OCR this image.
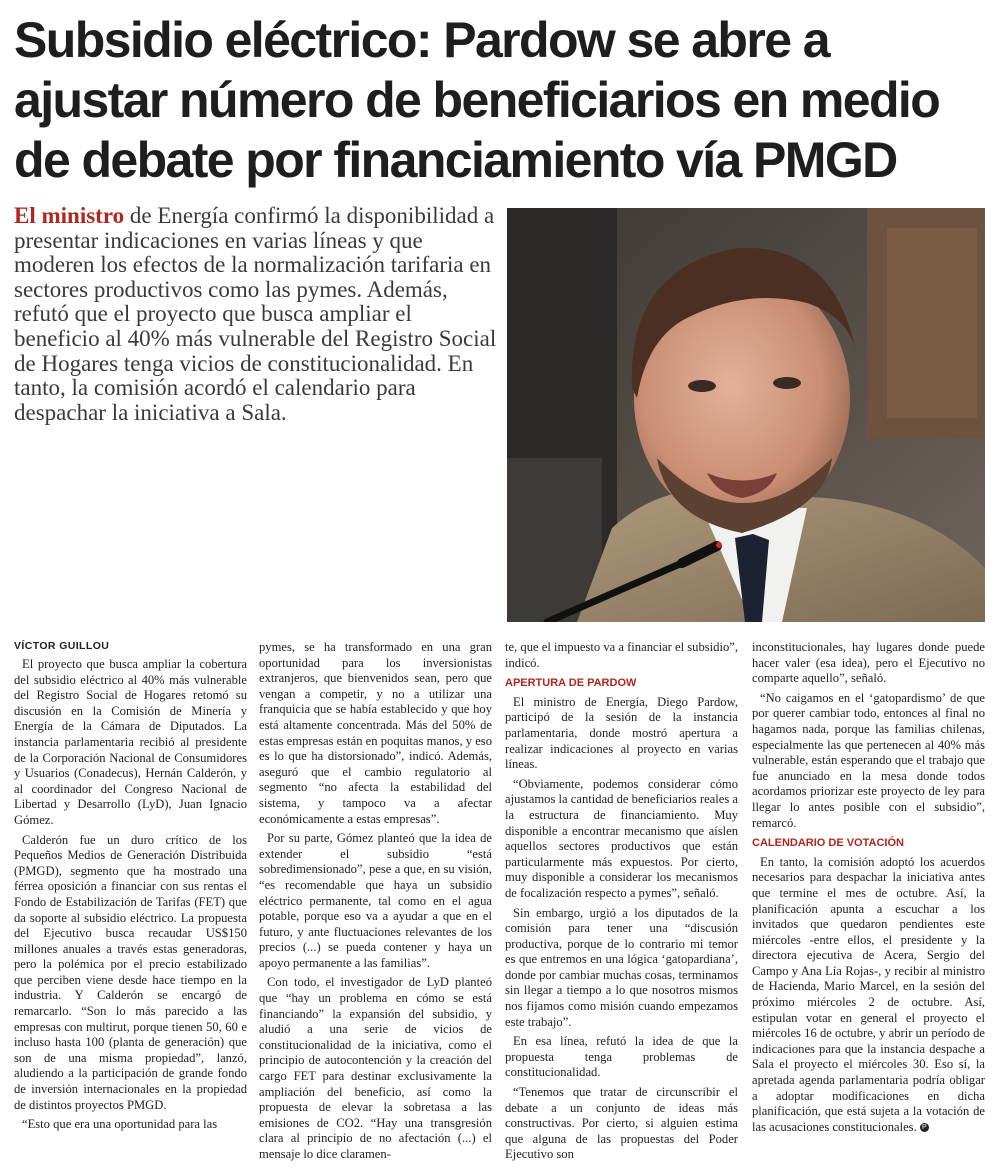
Subsidio eléctrico: Pardow se abre a ajustar número de beneficiarios en medio de debate por financiamiento vía PMGD
El ministro de Energía confirmó la disponibilidad a presentar indicaciones en varias líneas y que moderen los efectos de la normalización tarifaria en sectores productivos como las pymes. Además, refutó que el proyecto que busca ampliar el beneficio al 40% más vulnerable del Registro Social de Hogares tenga vicios de constitucionalidad. En tanto, la comisión acordó el calendario para despachar la iniciativa a Sala.
VÍCTOR GUILLOU

El proyecto que busca ampliar la cobertura del subsidio eléctrico al 40% más vulnerable del Registro Social de Hogares retomó su discusión en la Comisión de Minería y Energía de la Cámara de Diputados. La instancia parlamentaria recibió al presidente de la Corporación Nacional de Consumidores y Usuarios (Conadecus), Hernán Calderón, y al coordinador del Congreso Nacional de Libertad y Desarrollo (LyD), Juan Ignacio Gómez.

Calderón fue un duro crítico de los Pequeños Medios de Generación Distribuida (PMGD), segmento que ha mostrado una férrea oposición a financiar con sus rentas el Fondo de Estabilización de Tarifas (FET) que da soporte al subsidio eléctrico. La propuesta del Ejecutivo busca recaudar US$150 millones anuales a través estas generadoras, pero la polémica por el precio estabilizado que perciben viene desde hace tiempo en la industria. Y Calderón se encargó de remarcarlo. “Son lo más parecido a las empresas con multirut, porque tienen 50, 60 e incluso hasta 100 (planta de generación) que son de una misma propiedad”, lanzó, aludiendo a la participación de grande fondo de inversión internacionales en la propiedad de distintos proyectos PMGD.

“Esto que era una oportunidad para las

pymes, se ha transformado en una gran oportunidad para los inversionistas extranjeros, que bienvenidos sean, pero que vengan a competir, y no a utilizar una franquicia que se había establecido y que hoy está altamente concentrada. Más del 50% de estas empresas están en poquitas manos, y eso es lo que ha distorsionado”, indicó. Además, aseguró que el cambio regulatorio al segmento “no afecta la estabilidad del sistema, y tampoco va a afectar económicamente a estas empresas”.

Por su parte, Gómez planteó que la idea de extender el subsidio “está sobredimensionado”, pese a que, en su visión, “es recomendable que haya un subsidio eléctrico permanente, tal como en el agua potable, porque eso va a ayudar a que en el futuro, y ante fluctuaciones relevantes de los precios (...) se pueda contener y haya un apoyo permanente a las familias”.

Con todo, el investigador de LyD planteó que “hay un problema en cómo se está financiando” la expansión del subsidio, y aludió a una serie de vicios de constitucionalidad de la iniciativa, como el principio de autocontención y la creación del cargo FET para destinar exclusivamente la ampliación del beneficio, así como la propuesta de elevar la sobretasa a las emisiones de CO2. “Hay una transgresión clara al principio de no afectación (...) el mensaje lo dice claramen-

te, que el impuesto va a financiar el subsidio”, indicó.

APERTURA DE PARDOW

El ministro de Energía, Diego Pardow, participó de la sesión de la instancia parlamentaria, donde mostró apertura a realizar indicaciones al proyecto en varias líneas.

“Obviamente, podemos considerar cómo ajustamos la cantidad de beneficiarios reales a la estructura de financiamiento. Muy disponible a encontrar mecanismo que aíslen aquellos sectores productivos que están particularmente más expuestos. Por cierto, muy disponible a considerar los mecanismos de focalización respecto a pymes”, señaló.

Sin embargo, urgió a los diputados de la comisión para tener una “discusión productiva, porque de lo contrario mi temor es que entremos en una lógica ‘gatopardiana’, donde por cambiar muchas cosas, terminamos sin llegar a tiempo a lo que nosotros mismos nos fijamos como misión cuando empezamos este trabajo”.

En esa línea, refutó la idea de que la propuesta tenga problemas de constitucionalidad.

“Tenemos que tratar de circunscribir el debate a un conjunto de ideas más constructivas. Por cierto, si alguien estima que alguna de las propuestas del Poder Ejecutivo son

inconstitucionales, hay lugares donde puede hacer valer (esa idea), pero el Ejecutivo no comparte aquello”, señaló.

“No caigamos en el ‘gatopardismo’ de que por querer cambiar todo, entonces al final no hagamos nada, porque las familias chilenas, especialmente las que pertenecen al 40% más vulnerable, están esperando que el trabajo que fue anunciado en la mesa donde todos acordamos priorizar este proyecto de ley para llegar lo antes posible con el subsidio”, remarcó.

CALENDARIO DE VOTACIÓN

En tanto, la comisión adoptó los acuerdos necesarios para despachar la iniciativa antes que termine el mes de octubre. Así, la planificación apunta a escuchar a los invitados que quedaron pendientes este miércoles -entre ellos, el presidente y la directora ejecutiva de Acera, Sergio del Campo y Ana Lía Rojas-, y recibir al ministro de Hacienda, Mario Marcel, en la sesión del próximo miércoles 2 de octubre. Así, estipulan votar en general el proyecto el miércoles 16 de octubre, y abrir un período de indicaciones para que la instancia despache a Sala el proyecto el miércoles 30. Eso sí, la apretada agenda parlamentaria podría obligar a adoptar modificaciones en dicha planificación, que está sujeta a la votación de las acusaciones constitucionales. P
